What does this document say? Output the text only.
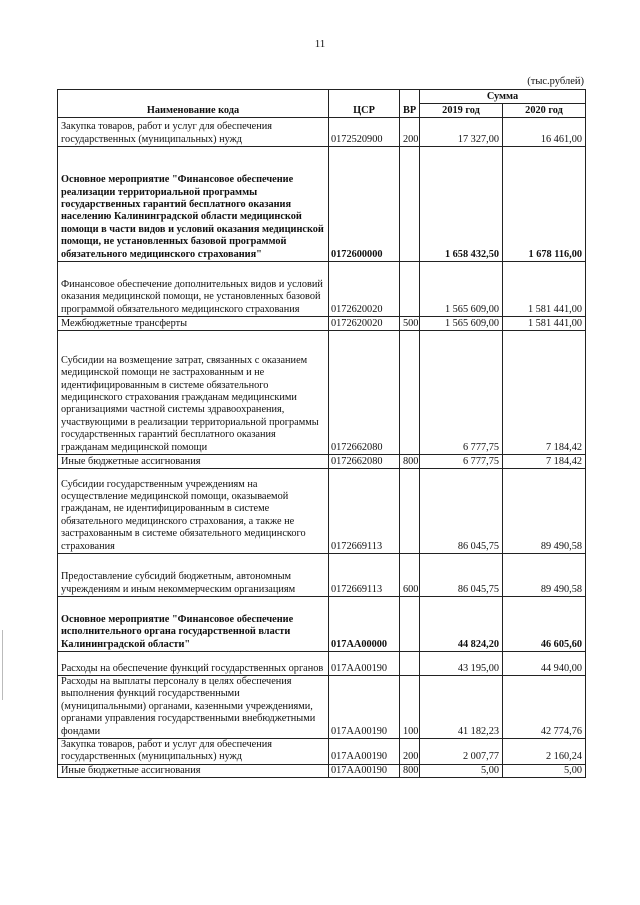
11
(тыс.рублей)
Наименование кода	ЦСР	ВР	Сумма	
			2019 год	2020 год
Закупка товаров, работ и услуг для обеспечения государственных (муниципальных) нужд	0172520900	200	17 327,00	16 461,00
Основное мероприятие "Финансовое обеспечение реализации территориальной программы государственных гарантий бесплатного оказания населению Калининградской области медицинской помощи в части видов и условий оказания медицинской помощи, не установленных базовой программой обязательного медицинского страхования"	0172600000		1 658 432,50	1 678 116,00
Финансовое обеспечение дополнительных видов и условий оказания медицинской помощи, не установленных базовой программой обязательного медицинского страхования	0172620020		1 565 609,00	1 581 441,00
Межбюджетные трансферты	0172620020	500	1 565 609,00	1 581 441,00
Субсидии на возмещение затрат, связанных с оказанием медицинской помощи не застрахованным и не идентифицированным в системе обязательного медицинского страхования гражданам медицинскими организациями частной системы здравоохранения, участвующими в реализации территориальной программы государственных гарантий бесплатного оказания гражданам медицинской помощи	0172662080		6 777,75	7 184,42
Иные бюджетные ассигнования	0172662080	800	6 777,75	7 184,42
Субсидии государственным учреждениям на осуществление медицинской помощи, оказываемой гражданам, не идентифицированным в системе обязательного медицинского страхования, а также не застрахованным в системе обязательного медицинского страхования	0172669113		86 045,75	89 490,58
Предоставление субсидий бюджетным, автономным учреждениям и иным некоммерческим организациям	0172669113	600	86 045,75	89 490,58
Основное мероприятие "Финансовое обеспечение исполнительного органа государственной власти Калининградской области"	017АА00000		44 824,20	46 605,60
Расходы на обеспечение функций государственных органов	017АА00190		43 195,00	44 940,00
Расходы на выплаты персоналу в целях обеспечения выполнения функций государственными (муниципальными) органами, казенными учреждениями, органами управления государственными внебюджетными фондами	017АА00190	100	41 182,23	42 774,76
Закупка товаров, работ и услуг для обеспечения государственных (муниципальных) нужд	017АА00190	200	2 007,77	2 160,24
Иные бюджетные ассигнования	017АА00190	800	5,00	5,00
